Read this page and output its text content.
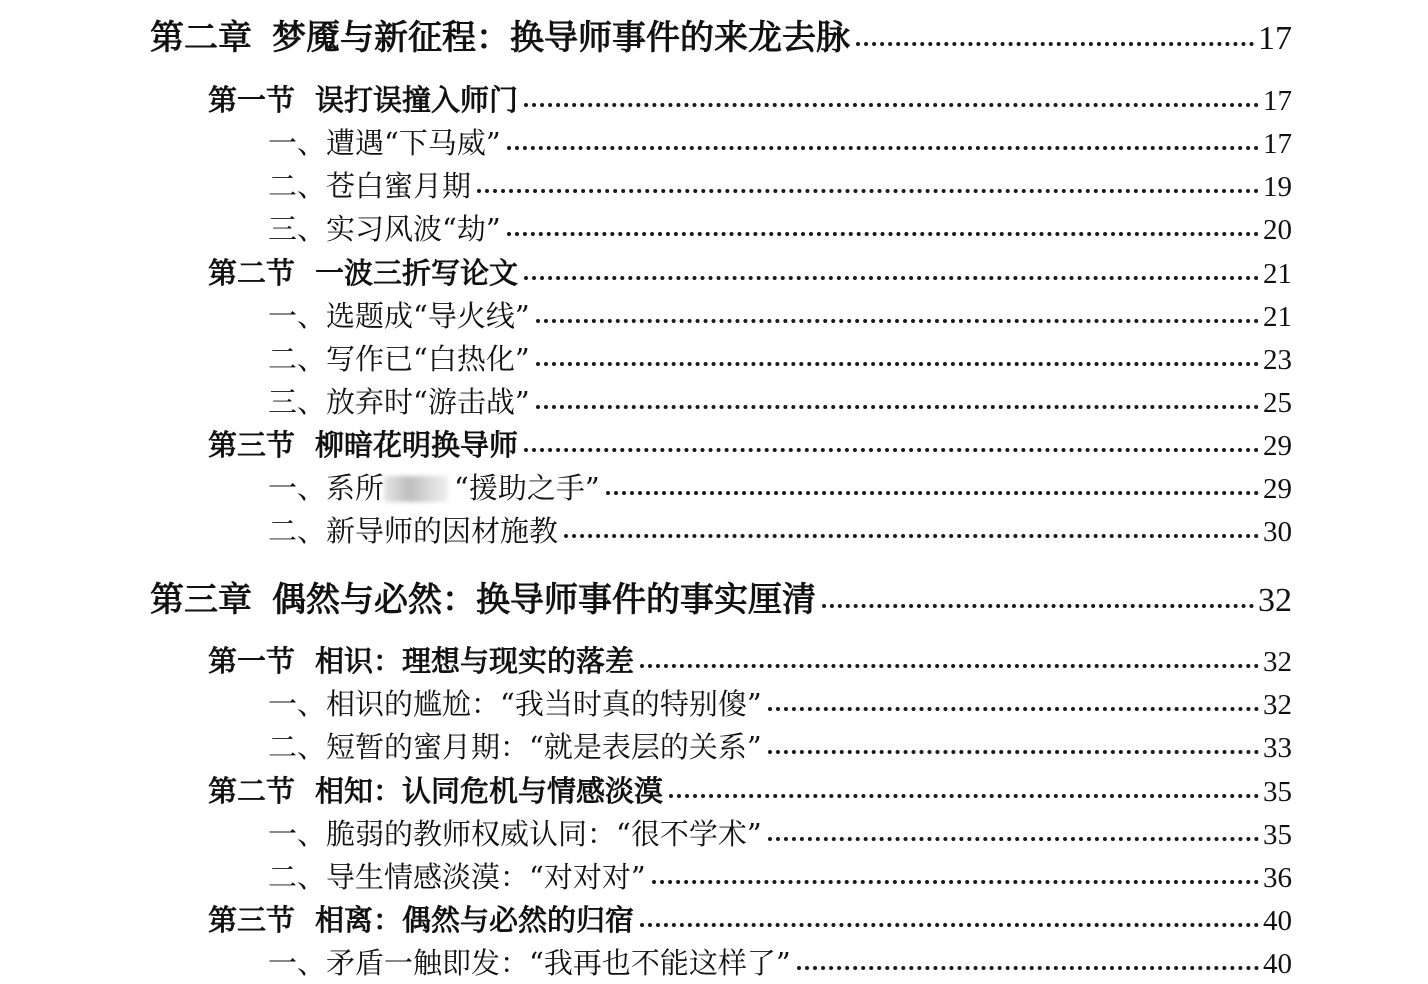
第二章 梦魇与新征程：换导师事件的来龙去脉	17
第一节 误打误撞入师门	17
一、遭遇“下马威”	17
二、苍白蜜月期	19
三、实习风波“劫”	20
第二节 一波三折写论文	21
一、选题成“导火线”	21
二、写作已“白热化”	23
三、放弃时“游击战”	25
第三节 柳暗花明换导师	29
一、系所 “援助之手”	29
二、新导师的因材施教	30
第三章 偶然与必然：换导师事件的事实厘清	32
第一节 相识：理想与现实的落差	32
一、相识的尴尬：“我当时真的特别傻”	32
二、短暂的蜜月期：“就是表层的关系”	33
第二节 相知：认同危机与情感淡漠	35
一、脆弱的教师权威认同：“很不学术”	35
二、导生情感淡漠：“对对对”	36
第三节 相离：偶然与必然的归宿	40
一、矛盾一触即发：“我再也不能这样了”	40
